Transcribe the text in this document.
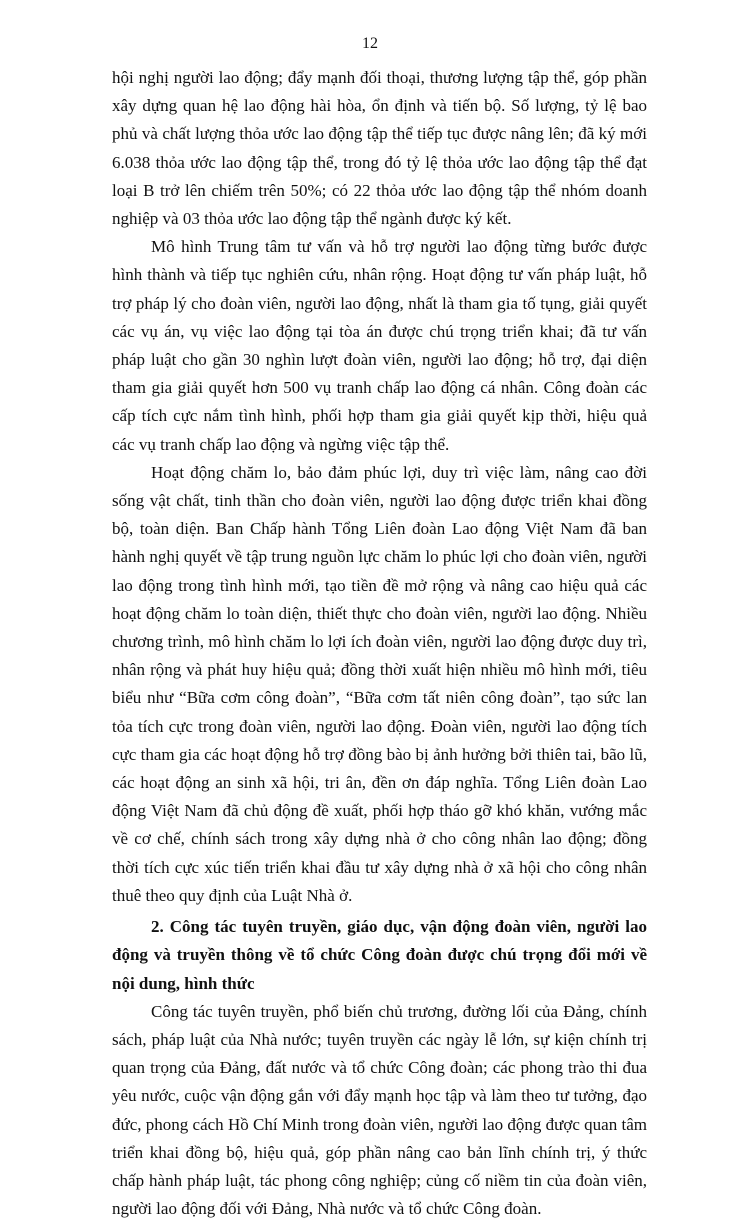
12

hội nghị người lao động; đẩy mạnh đối thoại, thương lượng tập thể, góp phần xây dựng quan hệ lao động hài hòa, ổn định và tiến bộ. Số lượng, tỷ lệ bao phủ và chất lượng thỏa ước lao động tập thể tiếp tục được nâng lên; đã ký mới 6.038 thỏa ước lao động tập thể, trong đó tỷ lệ thỏa ước lao động tập thể đạt loại B trở lên chiếm trên 50%; có 22 thỏa ước lao động tập thể nhóm doanh nghiệp và 03 thỏa ước lao động tập thể ngành được ký kết.

Mô hình Trung tâm tư vấn và hỗ trợ người lao động từng bước được hình thành và tiếp tục nghiên cứu, nhân rộng. Hoạt động tư vấn pháp luật, hỗ trợ pháp lý cho đoàn viên, người lao động, nhất là tham gia tố tụng, giải quyết các vụ án, vụ việc lao động tại tòa án được chú trọng triển khai; đã tư vấn pháp luật cho gần 30 nghìn lượt đoàn viên, người lao động; hỗ trợ, đại diện tham gia giải quyết hơn 500 vụ tranh chấp lao động cá nhân. Công đoàn các cấp tích cực nắm tình hình, phối hợp tham gia giải quyết kịp thời, hiệu quả các vụ tranh chấp lao động và ngừng việc tập thể.

Hoạt động chăm lo, bảo đảm phúc lợi, duy trì việc làm, nâng cao đời sống vật chất, tinh thần cho đoàn viên, người lao động được triển khai đồng bộ, toàn diện. Ban Chấp hành Tổng Liên đoàn Lao động Việt Nam đã ban hành nghị quyết về tập trung nguồn lực chăm lo phúc lợi cho đoàn viên, người lao động trong tình hình mới, tạo tiền đề mở rộng và nâng cao hiệu quả các hoạt động chăm lo toàn diện, thiết thực cho đoàn viên, người lao động. Nhiều chương trình, mô hình chăm lo lợi ích đoàn viên, người lao động được duy trì, nhân rộng và phát huy hiệu quả; đồng thời xuất hiện nhiều mô hình mới, tiêu biểu như “Bữa cơm công đoàn”, “Bữa cơm tất niên công đoàn”, tạo sức lan tỏa tích cực trong đoàn viên, người lao động. Đoàn viên, người lao động tích cực tham gia các hoạt động hỗ trợ đồng bào bị ảnh hưởng bởi thiên tai, bão lũ, các hoạt động an sinh xã hội, tri ân, đền ơn đáp nghĩa. Tổng Liên đoàn Lao động Việt Nam đã chủ động đề xuất, phối hợp tháo gỡ khó khăn, vướng mắc về cơ chế, chính sách trong xây dựng nhà ở cho công nhân lao động; đồng thời tích cực xúc tiến triển khai đầu tư xây dựng nhà ở xã hội cho công nhân thuê theo quy định của Luật Nhà ở.

2. Công tác tuyên truyền, giáo dục, vận động đoàn viên, người lao động và truyền thông về tổ chức Công đoàn được chú trọng đổi mới về nội dung, hình thức

Công tác tuyên truyền, phổ biến chủ trương, đường lối của Đảng, chính sách, pháp luật của Nhà nước; tuyên truyền các ngày lễ lớn, sự kiện chính trị quan trọng của Đảng, đất nước và tổ chức Công đoàn; các phong trào thi đua yêu nước, cuộc vận động gắn với đẩy mạnh học tập và làm theo tư tưởng, đạo đức, phong cách Hồ Chí Minh trong đoàn viên, người lao động được quan tâm triển khai đồng bộ, hiệu quả, góp phần nâng cao bản lĩnh chính trị, ý thức chấp hành pháp luật, tác phong công nghiệp; củng cố niềm tin của đoàn viên, người lao động đối với Đảng, Nhà nước và tổ chức Công đoàn.
